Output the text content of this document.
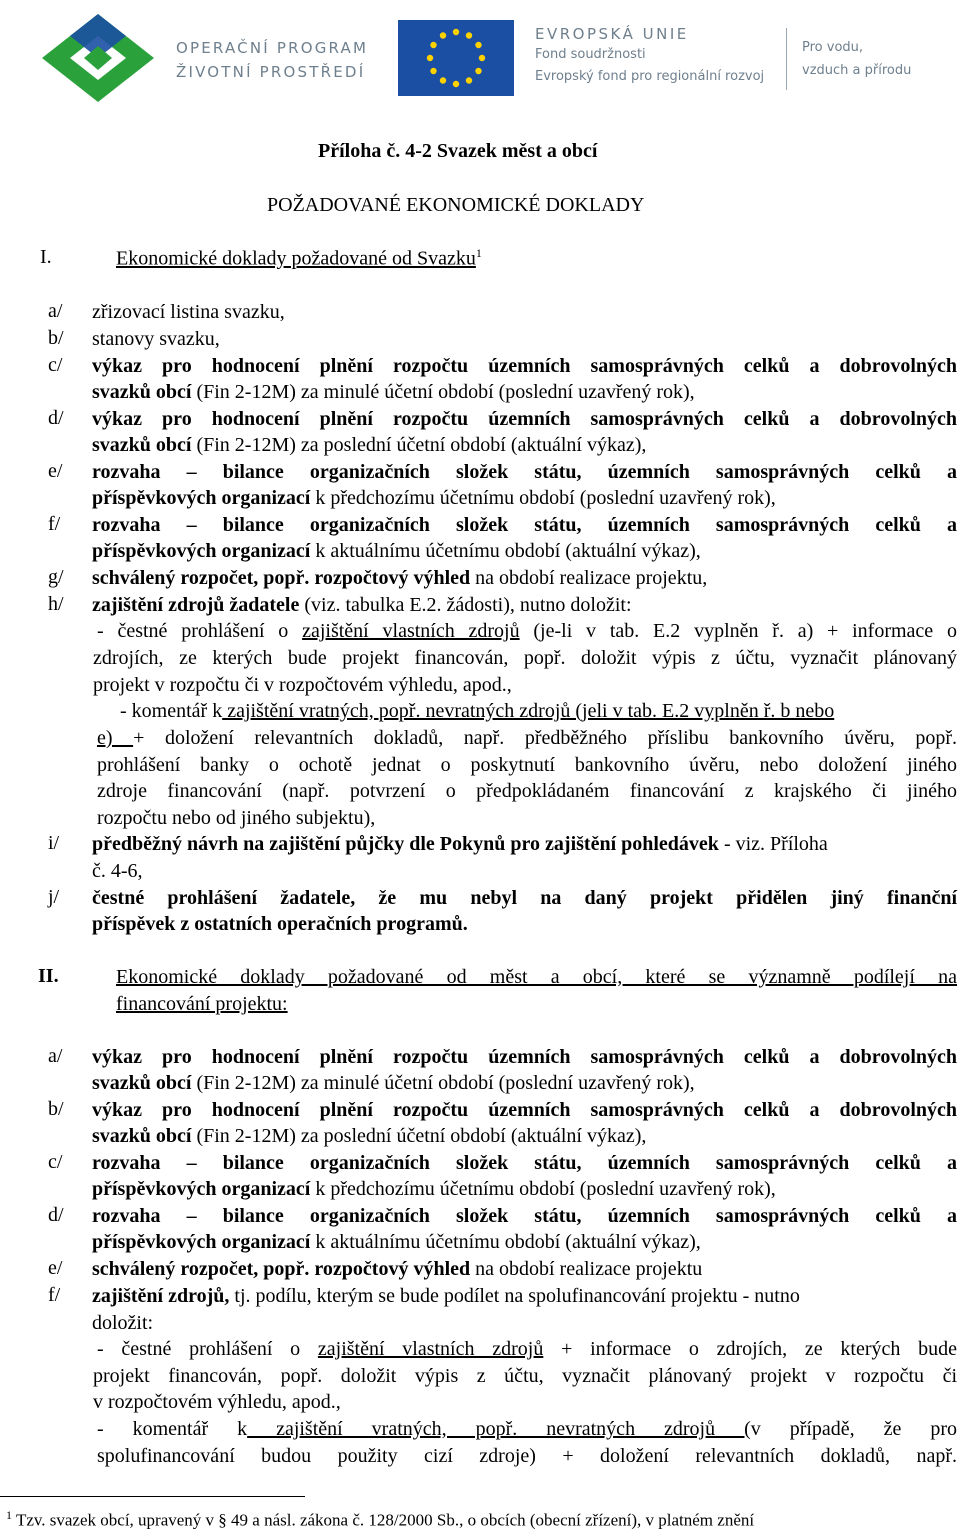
OPERAČNÍ PROGRAM
ŽIVOTNÍ PROSTŘEDÍ
EVROPSKÁ UNIE
Fond soudržnosti
Evropský fond pro regionální rozvoj
Pro vodu,
vzduch a přírodu
Příloha č. 4-2 Svazek měst a obcí
POŽADOVANÉ EKONOMICKÉ DOKLADY
I.	Ekonomické doklady požadované od Svazku$^1$
a/	zřizovací listina svazku,
b/	stanovy svazku,
c/	výkaz pro hodnocení plnění rozpočtu územních samosprávných celků a dobrovolných
svazků obcí (Fin 2-12M) za minulé účetní období (poslední uzavřený rok),
d/	výkaz pro hodnocení plnění rozpočtu územních samosprávných celků a dobrovolných
svazků obcí (Fin 2-12M) za poslední účetní období (aktuální výkaz),
e/	rozvaha – bilance organizačních složek státu, územních samosprávných celků a
příspěvkových organizací k předchozímu účetnímu období (poslední uzavřený rok),
f/	rozvaha – bilance organizačních složek státu, územních samosprávných celků a
příspěvkových organizací k aktuálnímu účetnímu období (aktuální výkaz),
g/	schválený rozpočet, popř. rozpočtový výhled na období realizace projektu,
h/	zajištění zdrojů žadatele (viz. tabulka E.2. žádosti), nutno doložit:
- čestné prohlášení o zajištění vlastních zdrojů (je-li v tab. E.2 vyplněn ř. a) + informace o
zdrojích, ze kterých bude projekt financován, popř. doložit výpis z účtu, vyznačit plánovaný
projekt v rozpočtu či v rozpočtovém výhledu, apod.,
- komentář k zajištění vratných, popř. nevratných zdrojů (jeli v tab. E.2 vyplněn ř. b nebo
e) + doložení relevantních dokladů, např. předběžného příslibu bankovního úvěru, popř.
prohlášení banky o ochotě jednat o poskytnutí bankovního úvěru, nebo doložení jiného
zdroje financování (např. potvrzení o předpokládaném financování z krajského či jiného
rozpočtu nebo od jiného subjektu),
i/	předběžný návrh na zajištění půjčky dle Pokynů pro zajištění pohledávek - viz. Příloha
č. 4-6,
j/	čestné prohlášení žadatele, že mu nebyl na daný projekt přidělen jiný finanční
příspěvek z ostatních operačních programů.
II.	Ekonomické doklady požadované od měst a obcí, které se významně podílejí na
financování projektu:
a/	výkaz pro hodnocení plnění rozpočtu územních samosprávných celků a dobrovolných
svazků obcí (Fin 2-12M) za minulé účetní období (poslední uzavřený rok),
b/	výkaz pro hodnocení plnění rozpočtu územních samosprávných celků a dobrovolných
svazků obcí (Fin 2-12M) za poslední účetní období (aktuální výkaz),
c/	rozvaha – bilance organizačních složek státu, územních samosprávných celků a
příspěvkových organizací k předchozímu účetnímu období (poslední uzavřený rok),
d/	rozvaha – bilance organizačních složek státu, územních samosprávných celků a
příspěvkových organizací k aktuálnímu účetnímu období (aktuální výkaz),
e/	schválený rozpočet, popř. rozpočtový výhled na období realizace projektu
f/	zajištění zdrojů, tj. podílu, kterým se bude podílet na spolufinancování projektu - nutno
doložit:
- čestné prohlášení o zajištění vlastních zdrojů + informace o zdrojích, ze kterých bude
projekt financován, popř. doložit výpis z účtu, vyznačit plánovaný projekt v rozpočtu či
v rozpočtovém výhledu, apod.,
- komentář k zajištění vratných, popř. nevratných zdrojů (v případě, že pro
spolufinancování budou použity cizí zdroje) + doložení relevantních dokladů, např.
$^1$ Tzv. svazek obcí, upravený v § 49 a násl. zákona č. 128/2000 Sb., o obcích (obecní zřízení), v platném znění
